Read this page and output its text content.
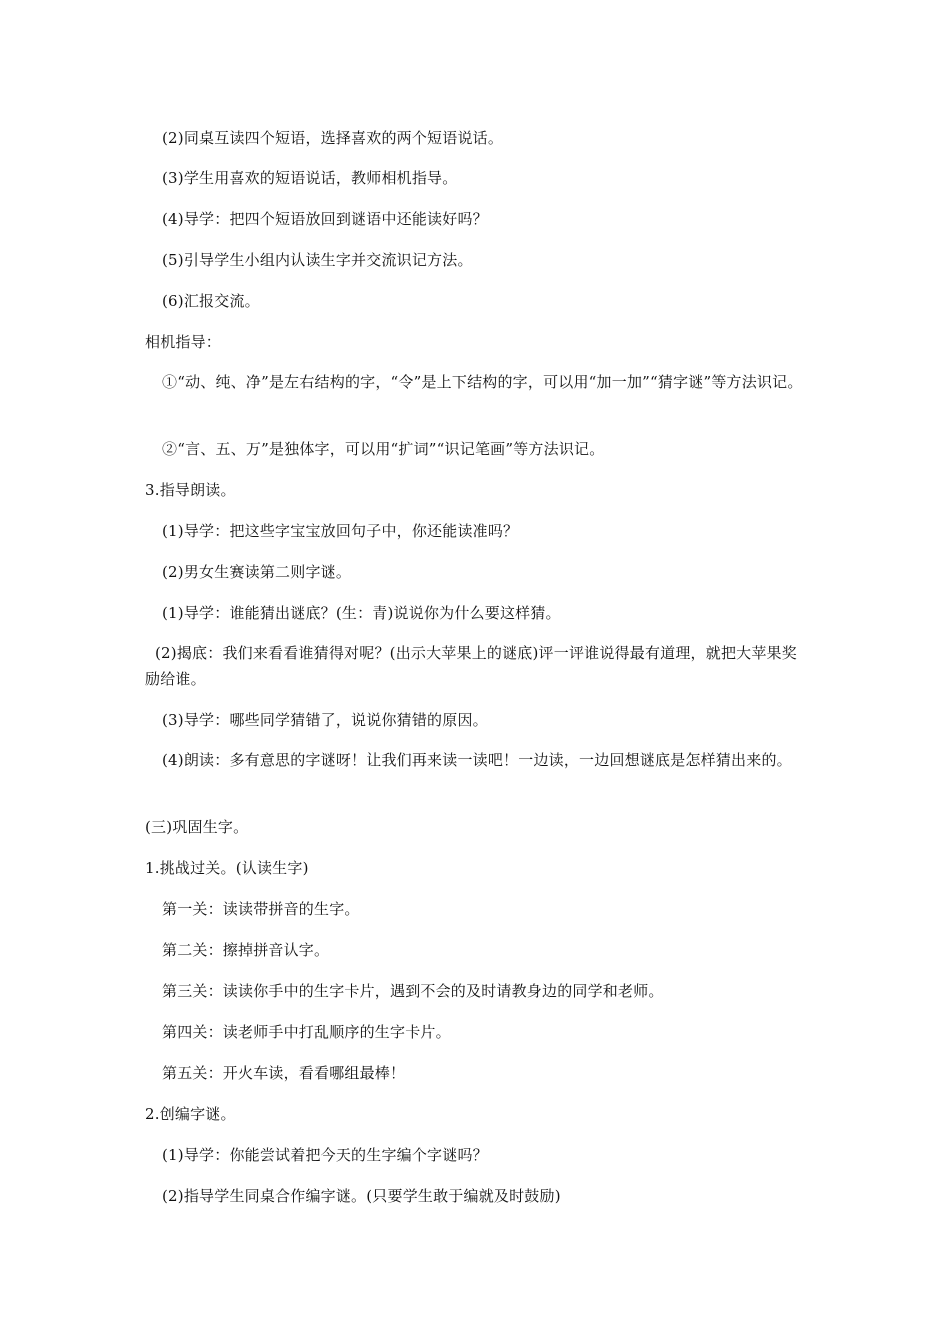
(2)同桌互读四个短语，选择喜欢的两个短语说话。
(3)学生用喜欢的短语说话，教师相机指导。
(4)导学：把四个短语放回到谜语中还能读好吗？
(5)引导学生小组内认读生字并交流识记方法。
(6)汇报交流。
相机指导：
①“动、纯、净”是左右结构的字，“令”是上下结构的字，可以用“加一加”“猜字谜”等方法识记。
②“言、五、万”是独体字，可以用“扩词”“识记笔画”等方法识记。
3.指导朗读。
(1)导学：把这些字宝宝放回句子中，你还能读准吗？
(2)男女生赛读第二则字谜。
(1)导学：谁能猜出谜底？(生：青)说说你为什么要这样猜。
(2)揭底：我们来看看谁猜得对呢？(出示大苹果上的谜底)评一评谁说得最有道理，就把大苹果奖励给谁。
(3)导学：哪些同学猜错了，说说你猜错的原因。
(4)朗读：多有意思的字谜呀！让我们再来读一读吧！一边读，一边回想谜底是怎样猜出来的。
(三)巩固生字。
1.挑战过关。(认读生字)
第一关：读读带拼音的生字。
第二关：擦掉拼音认字。
第三关：读读你手中的生字卡片，遇到不会的及时请教身边的同学和老师。
第四关：读老师手中打乱顺序的生字卡片。
第五关：开火车读，看看哪组最棒！
2.创编字谜。
(1)导学：你能尝试着把今天的生字编个字谜吗？
(2)指导学生同桌合作编字谜。(只要学生敢于编就及时鼓励)
